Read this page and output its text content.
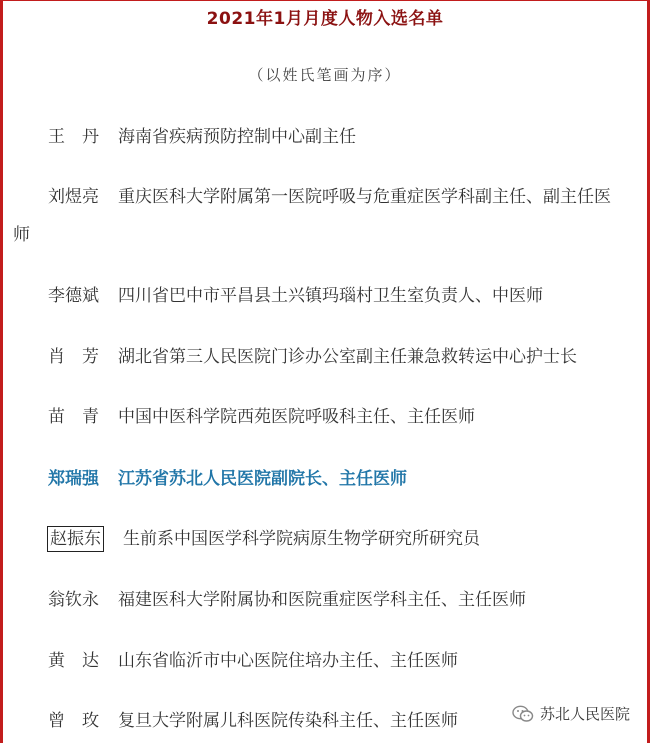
2021年1月月度人物入选名单
（以姓氏笔画为序）
王　丹 海南省疾病预防控制中心副主任
刘煜亮 重庆医科大学附属第一医院呼吸与危重症医学科副主任、副主任医
师
李德斌 四川省巴中市平昌县土兴镇玛瑙村卫生室负责人、中医师
肖　芳 湖北省第三人民医院门诊办公室副主任兼急救转运中心护士长
苗　青 中国中医科学院西苑医院呼吸科主任、主任医师
郑瑞强 江苏省苏北人民医院副院长、主任医师
赵振东 生前系中国医学科学院病原生物学研究所研究员
翁钦永 福建医科大学附属协和医院重症医学科主任、主任医师
黄　达 山东省临沂市中心医院住培办主任、主任医师
曾　玫 复旦大学附属儿科医院传染科主任、主任医师	苏北人民医院
